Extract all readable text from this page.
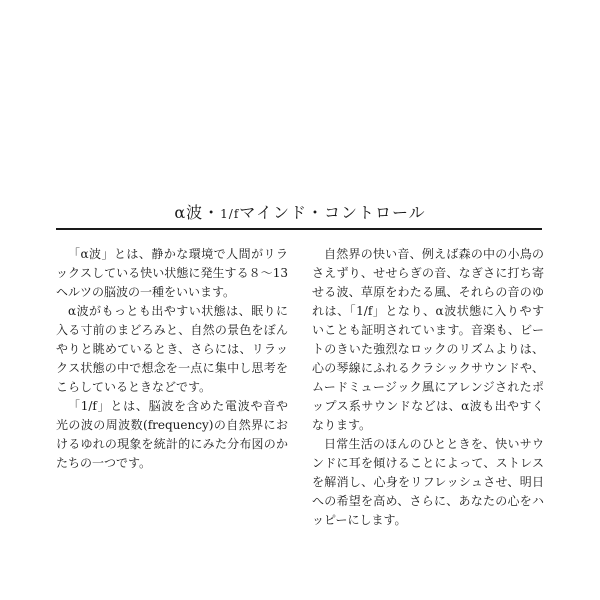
α波・1/fマインド・コントロール

「α波」とは、静かな環境で人間がリラックスしている快い状態に発生する８〜13ヘルツの脳波の一種をいいます。

α波がもっとも出やすい状態は、眠りに入る寸前のまどろみと、自然の景色をぼんやりと眺めているとき、さらには、リラックス状態の中で想念を一点に集中し思考をこらしているときなどです。

「1/f」とは、脳波を含めた電波や音や光の波の周波数(frequency)の自然界におけるゆれの現象を統計的にみた分布図のかたちの一つです。

自然界の快い音、例えば森の中の小鳥のさえずり、せせらぎの音、なぎさに打ち寄せる波、草原をわたる風、それらの音のゆれは、「1/f」となり、α波状態に入りやすいことも証明されています。音楽も、ビートのきいた強烈なロックのリズムよりは、心の琴線にふれるクラシックサウンドや、ムードミュージック風にアレンジされたポップス系サウンドなどは、α波も出やすくなります。

日常生活のほんのひとときを、快いサウンドに耳を傾けることによって、ストレスを解消し、心身をリフレッシュさせ、明日への希望を高め、さらに、あなたの心をハッピーにします。
